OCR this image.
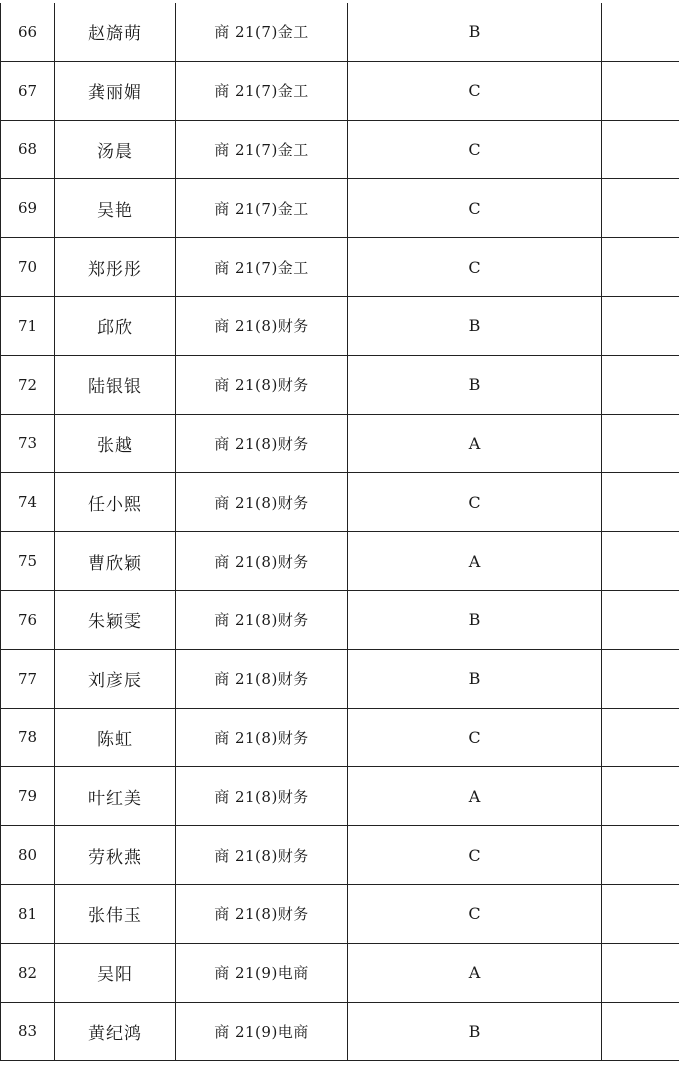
66	赵旖萌	商 21(7)金工	B	
67	龚丽媚	商 21(7)金工	C	
68	汤晨	商 21(7)金工	C	
69	吴艳	商 21(7)金工	C	
70	郑彤彤	商 21(7)金工	C	
71	邱欣	商 21(8)财务	B	
72	陆银银	商 21(8)财务	B	
73	张越	商 21(8)财务	A	
74	任小熙	商 21(8)财务	C	
75	曹欣颖	商 21(8)财务	A	
76	朱颖雯	商 21(8)财务	B	
77	刘彦辰	商 21(8)财务	B	
78	陈虹	商 21(8)财务	C	
79	叶红美	商 21(8)财务	A	
80	劳秋燕	商 21(8)财务	C	
81	张伟玉	商 21(8)财务	C	
82	吴阳	商 21(9)电商	A	
83	黄纪鸿	商 21(9)电商	B	
